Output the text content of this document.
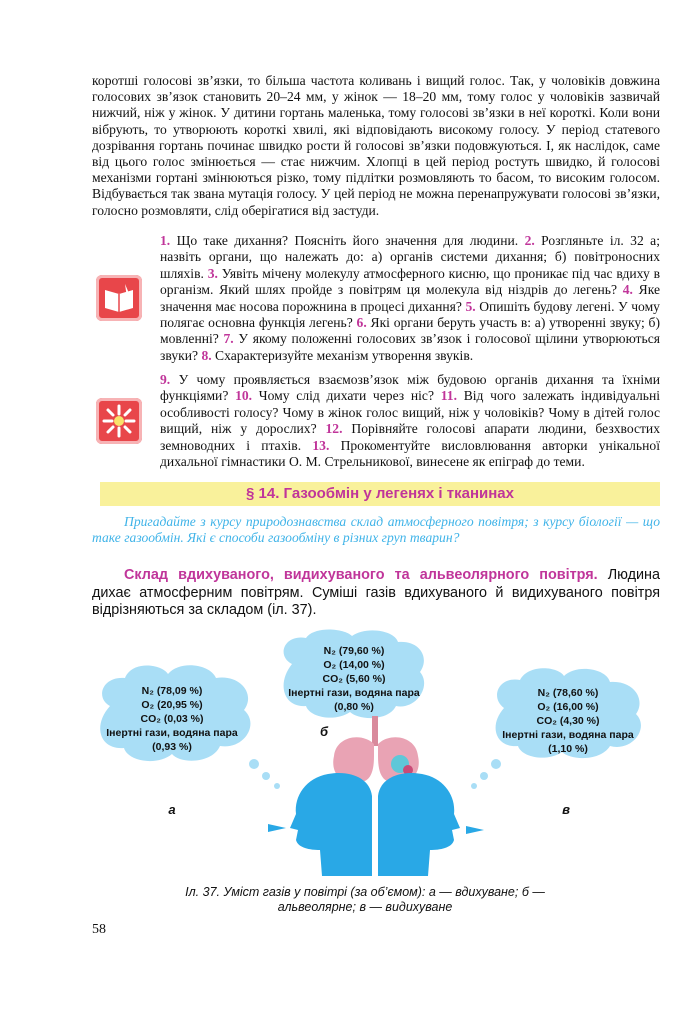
коротші голосові зв’язки, то більша частота коливань і вищий голос. Так, у чоловіків довжина голосових зв’язок становить 20–24 мм, у жінок — 18–20 мм, тому голос у чоловіків зазвичай нижчий, ніж у жінок. У дитини гортань маленька, тому голосові зв’язки в неї короткі. Коли вони вібрують, то утворюють короткі хвилі, які відповідають високому голосу. У період статевого дозрівання гортань починає швидко рости й голосові зв’язки подовжуються. І, як наслідок, саме від цього голос змінюється — стає нижчим. Хлопці в цей період ростуть швидко, й голосові механізми гортані змінюються різко, тому підлітки розмовляють то басом, то високим голосом. Відбувається так звана мутація голосу. У цей період не можна перенапружувати голосові зв’язки, голосно розмовляти, слід оберігатися від застуди.

1. Що таке дихання? Поясніть його значення для людини. 2. Розгляньте іл. 32 а; назвіть органи, що належать до: а) органів системи дихання; б) повітроносних шляхів. 3. Уявіть мічену молекулу атмосферного кисню, що проникає під час вдиху в організм. Який шлях пройде з повітрям ця молекула від ніздрів до легень? 4. Яке значення має носова порожнина в процесі дихання? 5. Опишіть будову легені. У чому полягає основна функція легень? 6. Які органи беруть участь в: а) утворенні звуку; б) мовленні? 7. У якому положенні голосових зв’язок і голосової щілини утворюються звуки? 8. Схарактеризуйте механізм утворення звуків.

9. У чому проявляється взаємозв’язок між будовою органів дихання та їхніми функціями? 10. Чому слід дихати через ніс? 11. Від чого залежать індивідуальні особливості голосу? Чому в жінок голос вищий, ніж у чоловіків? Чому в дітей голос вищий, ніж у дорослих? 12. Порівняйте голосові апарати людини, безхвостих земноводних і птахів. 13. Прокоментуйте висловлювання авторки унікальної дихальної гімнастики О. М. Стрельникової, винесене як епіграф до теми.

§ 14. Газообмін у легенях і тканинах

Пригадайте з курсу природознавства склад атмосферного повітря; з курсу біології — що таке газообмін. Які є способи газообміну в різних груп тварин?

Склад вдихуваного, видихуваного та альвеолярного повітря. Людина дихає атмосферним повітрям. Суміші газів вдихуваного й видихуваного повітря відрізняються за складом (іл. 37).

N₂ (78,09 %)
O₂ (20,95 %)
CO₂ (0,03 %)
Інертні гази, водяна пара
(0,93 %)
а
N₂ (79,60 %)
O₂ (14,00 %)
CO₂ (5,60 %)
Інертні гази, водяна пара
(0,80 %)
б
N₂ (78,60 %)
O₂ (16,00 %)
CO₂ (4,30 %)
Інертні гази, водяна пара
(1,10 %)
в

Іл. 37. Уміст газів у повітрі (за об’ємом): а — вдихуване; б — альвеолярне; в — видихуване

58
